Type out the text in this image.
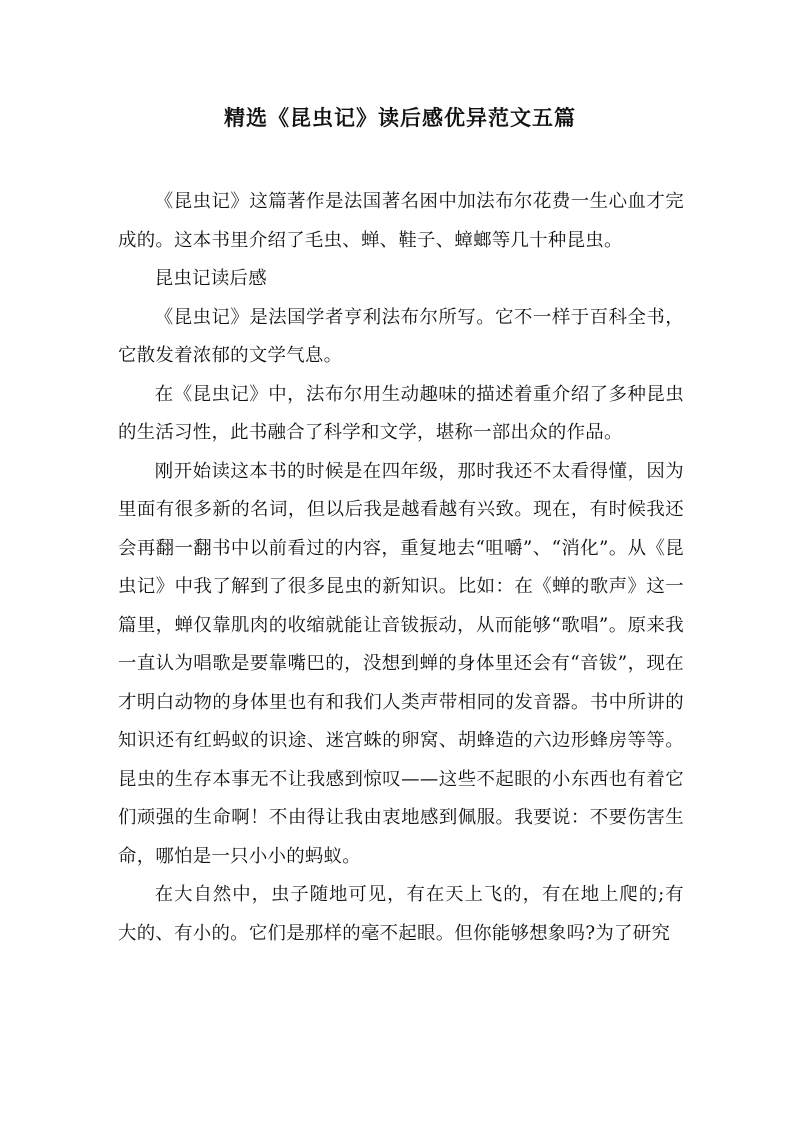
精选《昆虫记》读后感优异范文五篇

《昆虫记》这篇著作是法国著名困中加法布尔花费一生心血才完成的。这本书里介绍了毛虫、蝉、鞋子、蟑螂等几十种昆虫。

昆虫记读后感

《昆虫记》是法国学者亨利法布尔所写。它不一样于百科全书，它散发着浓郁的文学气息。

在《昆虫记》中，法布尔用生动趣味的描述着重介绍了多种昆虫的生活习性，此书融合了科学和文学，堪称一部出众的作品。

刚开始读这本书的时候是在四年级，那时我还不太看得懂，因为里面有很多新的名词，但以后我是越看越有兴致。现在，有时候我还会再翻一翻书中以前看过的内容，重复地去“咀嚼”、“消化”。从《昆虫记》中我了解到了很多昆虫的新知识。比如：在《蝉的歌声》这一篇里，蝉仅靠肌肉的收缩就能让音钹振动，从而能够“歌唱”。原来我一直认为唱歌是要靠嘴巴的，没想到蝉的身体里还会有“音钹”，现在才明白动物的身体里也有和我们人类声带相同的发音器。书中所讲的知识还有红蚂蚁的识途、迷宫蛛的卵窝、胡蜂造的六边形蜂房等等。昆虫的生存本事无不让我感到惊叹——这些不起眼的小东西也有着它们顽强的生命啊！不由得让我由衷地感到佩服。我要说：不要伤害生命，哪怕是一只小小的蚂蚁。

在大自然中，虫子随地可见，有在天上飞的，有在地上爬的;有大的、有小的。它们是那样的毫不起眼。但你能够想象吗?为了研究
